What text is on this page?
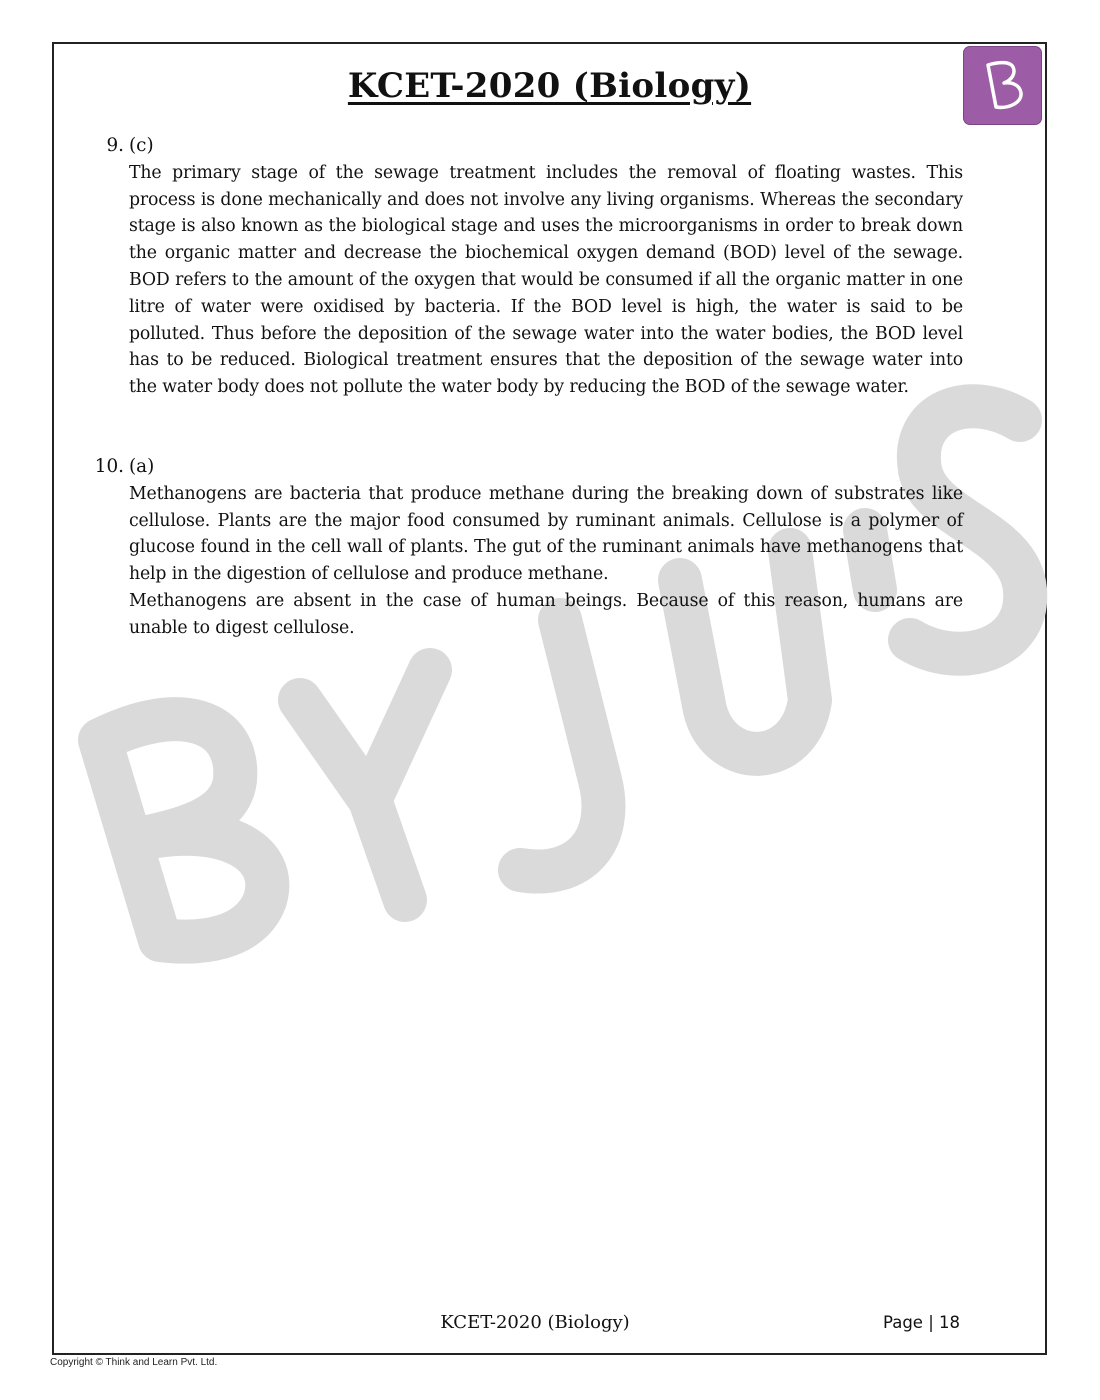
KCET-2020 (Biology)
9. (c)

The primary stage of the sewage treatment includes the removal of floating wastes. This process is done mechanically and does not involve any living organisms. Whereas the secondary stage is also known as the biological stage and uses the microorganisms in order to break down the organic matter and decrease the biochemical oxygen demand (BOD) level of the sewage. BOD refers to the amount of the oxygen that would be consumed if all the organic matter in one litre of water were oxidised by bacteria. If the BOD level is high, the water is said to be polluted. Thus before the deposition of the sewage water into the water bodies, the BOD level has to be reduced. Biological treatment ensures that the deposition of the sewage water into the water body does not pollute the water body by reducing the BOD of the sewage water.

10. (a)

Methanogens are bacteria that produce methane during the breaking down of substrates like cellulose. Plants are the major food consumed by ruminant animals. Cellulose is a polymer of glucose found in the cell wall of plants. The gut of the ruminant animals have methanogens that help in the digestion of cellulose and produce methane.

Methanogens are absent in the case of human beings. Because of this reason, humans are unable to digest cellulose.

KCET-2020 (Biology)	Page | 18
Copyright © Think and Learn Pvt. Ltd.
